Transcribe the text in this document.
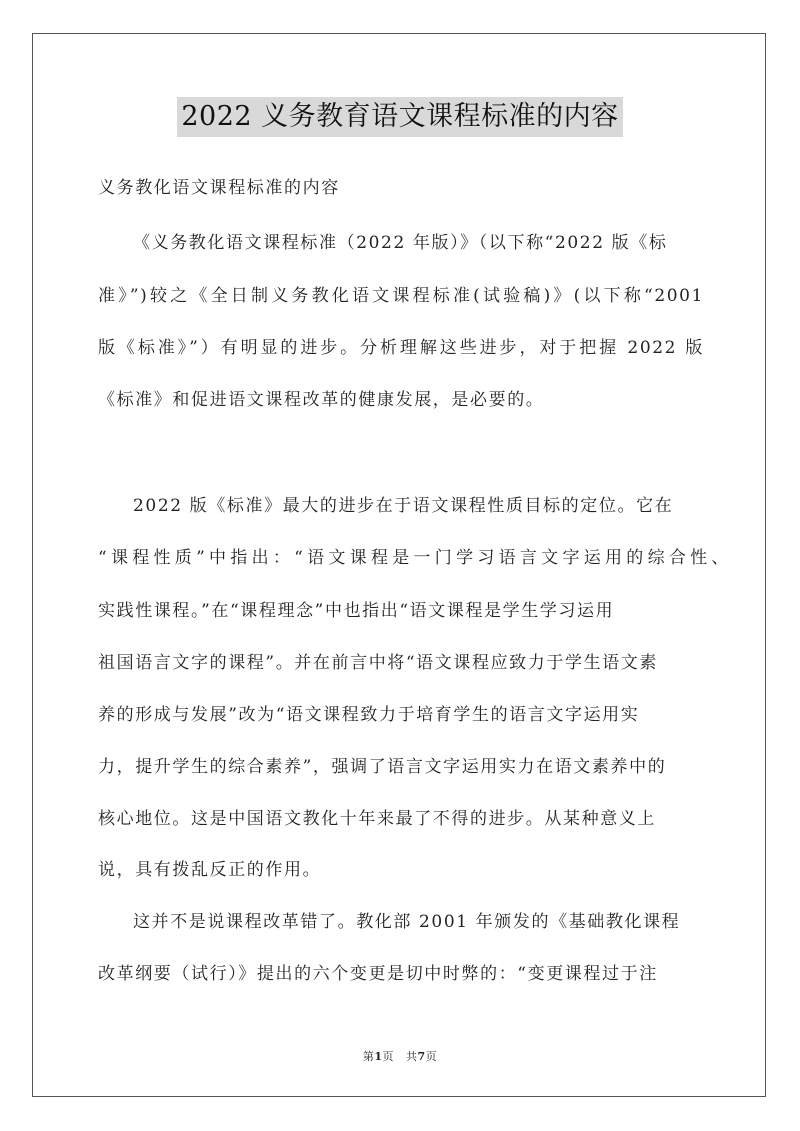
2022 义务教育语文课程标准的内容
义务教化语文课程标准的内容
《义务教化语文课程标准（2022 年版）》（以下称“2022 版《标
准》”)较之《全日制义务教化语文课程标准(试验稿)》(以下称“2001
版《标准》”）有明显的进步。分析理解这些进步，对于把握 2022 版
《标准》和促进语文课程改革的健康发展，是必要的。
2022 版《标准》最大的进步在于语文课程性质目标的定位。它在
“课程性质”中指出：“语文课程是一门学习语言文字运用的综合性、
实践性课程。”在“课程理念”中也指出“语文课程是学生学习运用
祖国语言文字的课程”。并在前言中将“语文课程应致力于学生语文素
养的形成与发展”改为“语文课程致力于培育学生的语言文字运用实
力，提升学生的综合素养”，强调了语言文字运用实力在语文素养中的
核心地位。这是中国语文教化十年来最了不得的进步。从某种意义上
说，具有拨乱反正的作用。
这并不是说课程改革错了。教化部 2001 年颁发的《基础教化课程
改革纲要（试行）》提出的六个变更是切中时弊的：“变更课程过于注
第1页   共7页
